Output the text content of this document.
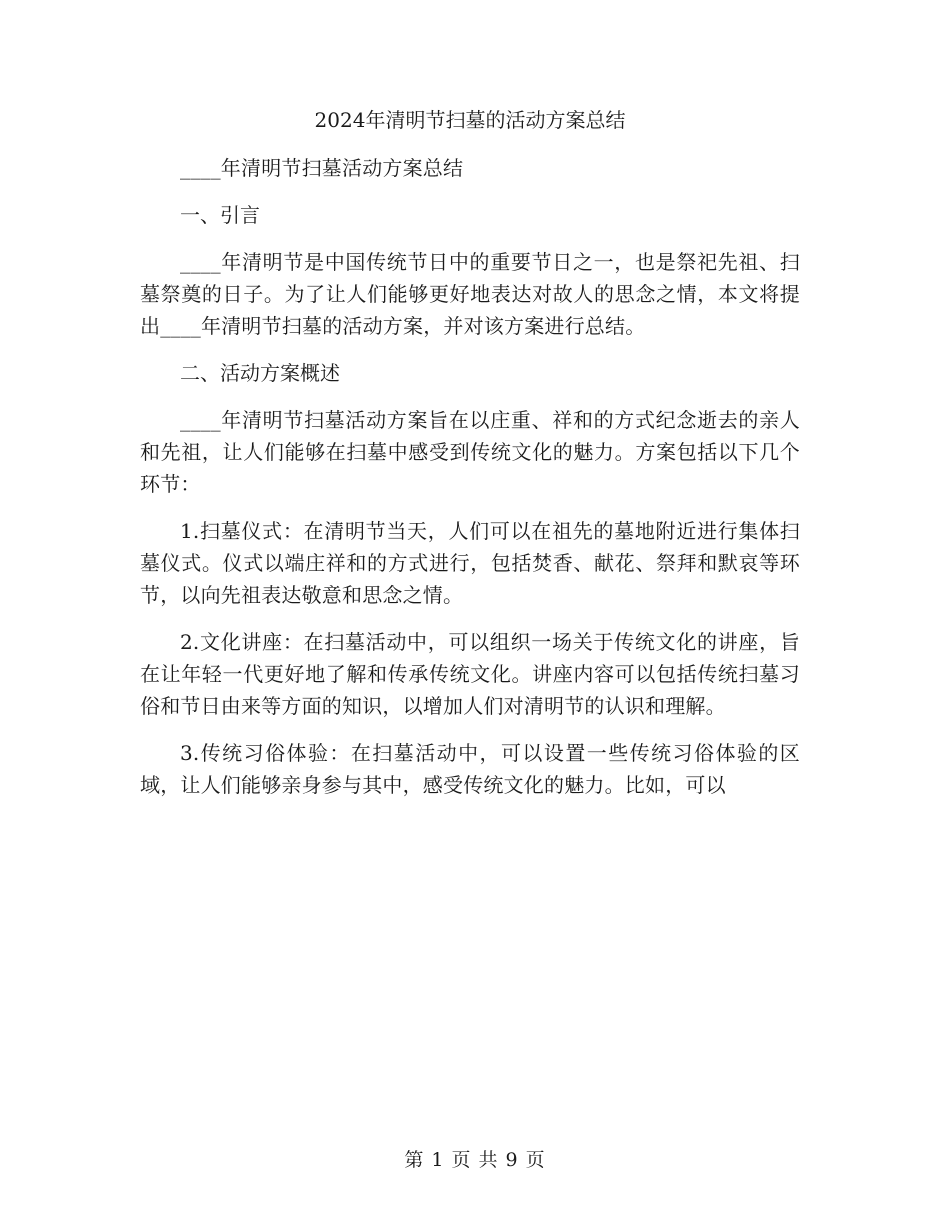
2024年清明节扫墓的活动方案总结

____年清明节扫墓活动方案总结

一、引言

____年清明节是中国传统节日中的重要节日之一，也是祭祀先祖、扫墓祭奠的日子。为了让人们能够更好地表达对故人的思念之情，本文将提出____年清明节扫墓的活动方案，并对该方案进行总结。

二、活动方案概述

____年清明节扫墓活动方案旨在以庄重、祥和的方式纪念逝去的亲人和先祖，让人们能够在扫墓中感受到传统文化的魅力。方案包括以下几个环节：

1.扫墓仪式：在清明节当天，人们可以在祖先的墓地附近进行集体扫墓仪式。仪式以端庄祥和的方式进行，包括焚香、献花、祭拜和默哀等环节，以向先祖表达敬意和思念之情。

2.文化讲座：在扫墓活动中，可以组织一场关于传统文化的讲座，旨在让年轻一代更好地了解和传承传统文化。讲座内容可以包括传统扫墓习俗和节日由来等方面的知识，以增加人们对清明节的认识和理解。

3.传统习俗体验：在扫墓活动中，可以设置一些传统习俗体验的区域，让人们能够亲身参与其中，感受传统文化的魅力。比如，可以

第 1 页 共 9 页
